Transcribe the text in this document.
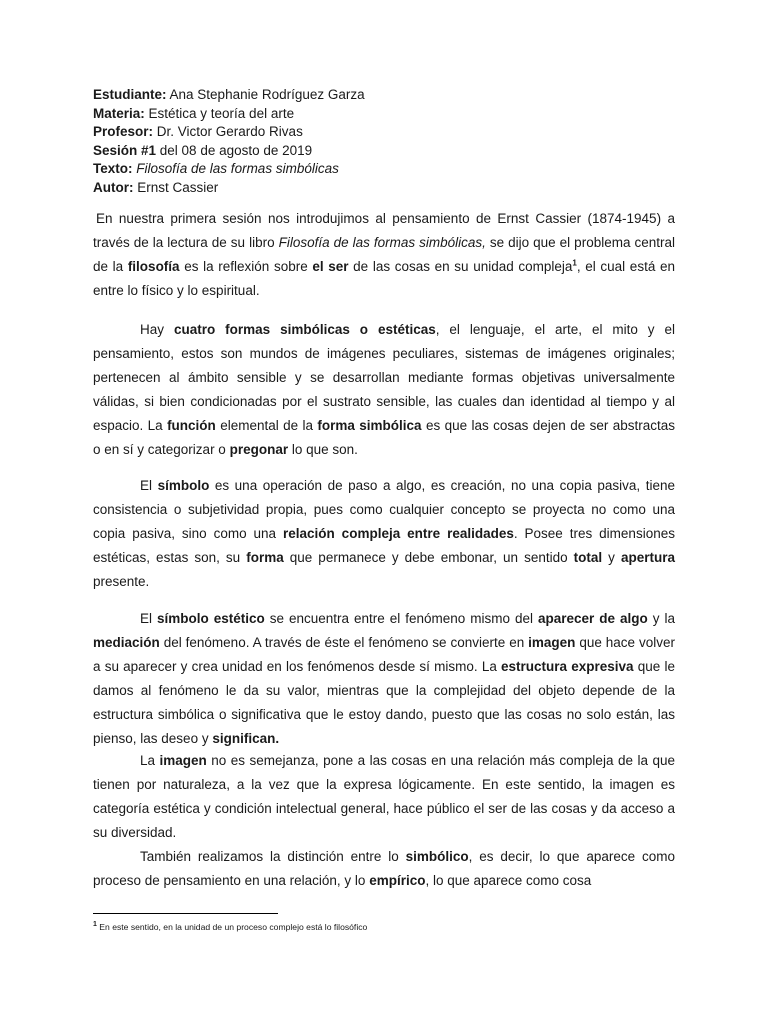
Estudiante: Ana Stephanie Rodríguez Garza
Materia: Estética y teoría del arte
Profesor: Dr. Victor Gerardo Rivas
Sesión #1 del 08 de agosto de 2019
Texto: Filosofía de las formas simbólicas
Autor: Ernst Cassier

En nuestra primera sesión nos introdujimos al pensamiento de Ernst Cassier (1874-1945) a través de la lectura de su libro Filosofía de las formas simbólicas, se dijo que el problema central de la filosofía es la reflexión sobre el ser de las cosas en su unidad compleja$^1$, el cual está en entre lo físico y lo espiritual.

Hay cuatro formas simbólicas o estéticas, el lenguaje, el arte, el mito y el pensamiento, estos son mundos de imágenes peculiares, sistemas de imágenes originales; pertenecen al ámbito sensible y se desarrollan mediante formas objetivas universalmente válidas, si bien condicionadas por el sustrato sensible, las cuales dan identidad al tiempo y al espacio. La función elemental de la forma simbólica es que las cosas dejen de ser abstractas o en sí y categorizar o pregonar lo que son.

El símbolo es una operación de paso a algo, es creación, no una copia pasiva, tiene consistencia o subjetividad propia, pues como cualquier concepto se proyecta no como una copia pasiva, sino como una relación compleja entre realidades. Posee tres dimensiones estéticas, estas son, su forma que permanece y debe embonar, un sentido total y apertura presente.

El símbolo estético se encuentra entre el fenómeno mismo del aparecer de algo y la mediación del fenómeno. A través de éste el fenómeno se convierte en imagen que hace volver a su aparecer y crea unidad en los fenómenos desde sí mismo. La estructura expresiva que le damos al fenómeno le da su valor, mientras que la complejidad del objeto depende de la estructura simbólica o significativa que le estoy dando, puesto que las cosas no solo están, las pienso, las deseo y significan.

La imagen no es semejanza, pone a las cosas en una relación más compleja de la que tienen por naturaleza, a la vez que la expresa lógicamente. En este sentido, la imagen es categoría estética y condición intelectual general, hace público el ser de las cosas y da acceso a su diversidad.

También realizamos la distinción entre lo simbólico, es decir, lo que aparece como proceso de pensamiento en una relación, y lo empírico, lo que aparece como cosa

$^1$ En este sentido, en la unidad de un proceso complejo está lo filosófico
